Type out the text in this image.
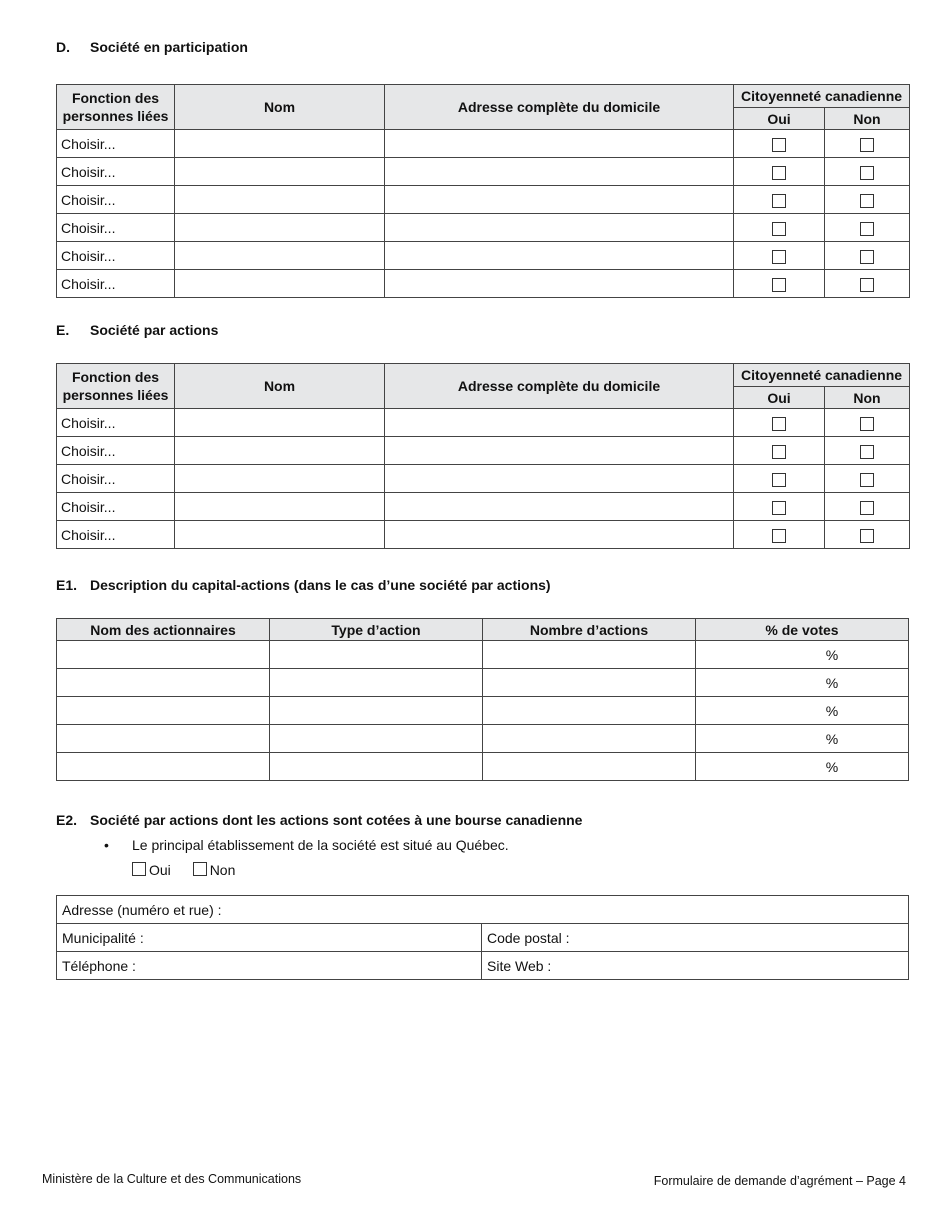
D. Société en participation
Fonction des personnes liées	Nom	Adresse complète du domicile	Citoyenneté canadienne	
			Oui	Non
Choisir...				
Choisir...				
Choisir...				
Choisir...				
Choisir...				
Choisir...				
E. Société par actions
Fonction des personnes liées	Nom	Adresse complète du domicile	Citoyenneté canadienne	
			Oui	Non
Choisir...				
Choisir...				
Choisir...				
Choisir...				
Choisir...				
E1. Description du capital-actions (dans le cas d’une société par actions)
Nom des actionnaires	Type d’action	Nombre d’actions	% de votes
			%
			%
			%
			%
			%
E2. Société par actions dont les actions sont cotées à une bourse canadienne
• Le principal établissement de la société est situé au Québec.
Oui	Non
Adresse (numéro et rue) :	
Municipalité :	Code postal :
Téléphone :	Site Web :
Ministère de la Culture et des Communications	Formulaire de demande d’agrément – Page 4
